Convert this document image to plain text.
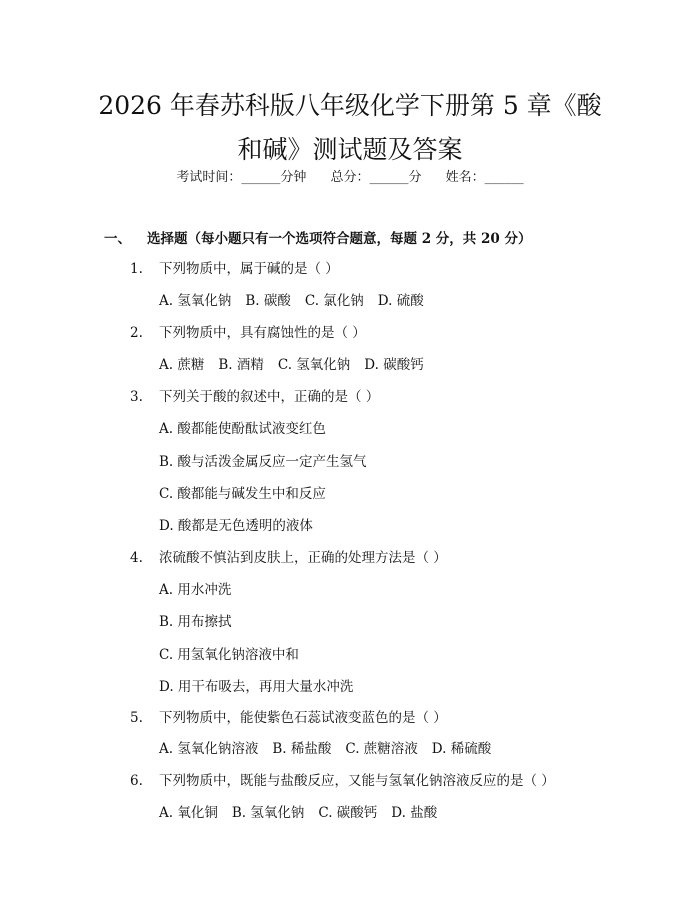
2026 年春苏科版八年级化学下册第 5 章《酸
和碱》测试题及答案
考试时间：______分钟 总分：______分 姓名：______
一、 选择题（每小题只有一个选项符合题意，每题 2 分，共 20 分）
1. 下列物质中，属于碱的是（ ）
A. 氢氧化钠 B. 碳酸 C. 氯化钠 D. 硫酸
2. 下列物质中，具有腐蚀性的是（ ）
A. 蔗糖 B. 酒精 C. 氢氧化钠 D. 碳酸钙
3. 下列关于酸的叙述中，正确的是（ ）
A. 酸都能使酚酞试液变红色
B. 酸与活泼金属反应一定产生氢气
C. 酸都能与碱发生中和反应
D. 酸都是无色透明的液体
4. 浓硫酸不慎沾到皮肤上，正确的处理方法是（ ）
A. 用水冲洗
B. 用布擦拭
C. 用氢氧化钠溶液中和
D. 用干布吸去，再用大量水冲洗
5. 下列物质中，能使紫色石蕊试液变蓝色的是（ ）
A. 氢氧化钠溶液 B. 稀盐酸 C. 蔗糖溶液 D. 稀硫酸
6. 下列物质中，既能与盐酸反应，又能与氢氧化钠溶液反应的是（ ）
A. 氧化铜 B. 氢氧化钠 C. 碳酸钙 D. 盐酸
